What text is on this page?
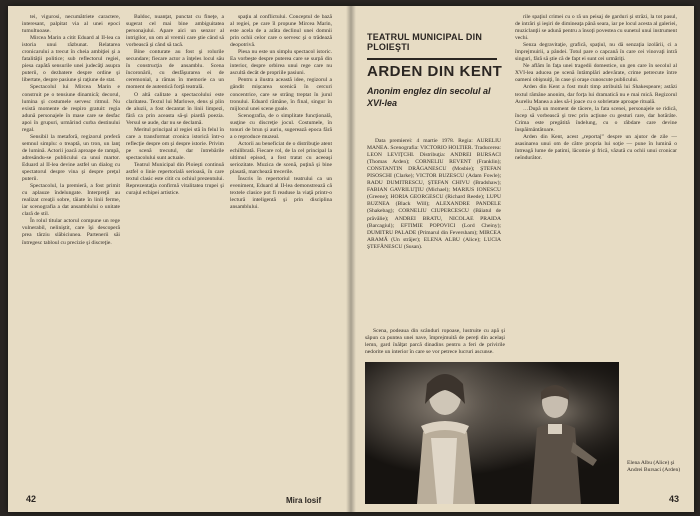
tei, vigurosi, necumătriete caractere, interesant, palpitat via al unei epoci tumultuoase.

Mircea Marin a citit Eduard al II-lea ca istoria unui răzbunat. Relatarea cronicarului a trecut în cheia ambiţiei şi a fatalităţii politice; sub reflectorul regiei, piesa capătă sensurile unei judecăţi asupra puterii, o dezbatere despre ordine şi libertate, despre pasiune şi raţiune de stat.

Spectacolul lui Mircea Marin e construit pe o tensiune dinamică; decorul, lumina şi costumele servesc ritmul. Nu există momente de respiro gratuit: regia adună personajele în mase care se desfac apoi în grupuri, urmărind curba destinului regal.

Sensibil la metaforă, regizorul preferă semnul simplu: o treaptă, un tron, un lanţ de lumină. Actorii joacă aproape de rampă, adresându-se publicului ca unui martor. Eduard al II-lea devine astfel un dialog cu spectatorul despre vina şi despre preţul puterii.

Spectacolul, la premieră, a fost primit cu aplauze îndelungate. Interpreţii au realizat creaţii sobre, tăiate în linii ferme, iar scenografia a dat ansamblului o unitate clară de stil.

În rolul titular actorul compune un rege vulnerabil, neliniştit, care îşi descoperă prea târziu slăbiciunea. Partenerii săi întregesc tabloul cu precizie şi discreţie.

Baldoc, nuanţat, punctat cu fineţe, a sugerat cel mai bine ambiguitatea personajului. Apare aici un senzor al intrigilor, un om al vremii care ştie când să vorbească şi când să tacă.

Bine conturate au fost şi rolurile secundare; fiecare actor a înţeles locul său în construcţia de ansamblu. Scena încoronării, cu desfăşurarea ei de ceremonial, a rămas în memorie ca un moment de autentică forţă teatrală.

O altă calitate a spectacolului este claritatea. Textul lui Marlowe, dens şi plin de aluzii, a fost decantat în linii limpezi, fără ca prin aceasta să-şi piardă poezia. Versul se aude, dar nu se declamă.

Meritul principal al regiei stă în felul în care a transformat cronica istorică într-o reflecţie despre om şi despre istorie. Privim pe scenă trecutul, dar întrebările spectacolului sunt actuale.

Teatrul Municipal din Ploieşti continuă astfel o linie repertorială serioasă, în care textul clasic este citit cu ochiul prezentului. Reprezentaţia confirmă vitalitatea trupei şi curajul echipei artistice.

spaţiu al conflictului. Conceptul de bază al regiei, pe care îl propune Mircea Marin, este acela de a arăta declinul unei domnii prin ochii celor care o servesc şi o trădează deopotrivă.

Piesa nu este un simplu spectacol istoric. Ea vorbeşte despre puterea care se surpă din interior, despre orbirea unui rege care nu ascultă decât de propriile pasiuni.

Pentru a ilustra această idee, regizorul a gândit mişcarea scenică în cercuri concentrice, care se strâng treptat în jurul tronului. Eduard rămâne, în final, singur în mijlocul unei scene goale.

Scenografia, de o simplitate funcţională, susţine cu discreţie jocul. Costumele, în tonuri de brun şi auriu, sugerează epoca fără a o reproduce muzeal.

Actorii au beneficiat de o distribuţie atent echilibrată. Fiecare rol, de la cel principal la ultimul episod, a fost tratat cu aceeaşi seriozitate. Muzica de scenă, puţină şi bine plasată, marchează trecerile.

Înscris în repertoriul teatrului ca un eveniment, Eduard al II-lea demonstrează că textele clasice pot fi readuse la viaţă printr-o lectură inteligentă şi prin disciplina ansamblului.

Mira Iosif
42
TEATRUL MUNICIPAL DIN PLOIEŞTI
ARDEN DIN KENT
Anonim englez din secolul al XVI-lea

Data premierei: 4 martie 1978. Regia: AURELIU MANEA. Scenografia: VICTORIO HOLTIER. Traducerea: LEON LEVIŢCHI. Distribuţia: ANDREI BURSACI (Thomas Arden); CORNELIU REVENT (Franklin); CONSTANTIN DRĂGANESCU (Mosbie); ŞTEFAN PISOSCHI (Clarke); VICTOR BUZESCU (Adam Fowle); RADU DUMITRESCU, ŞTEFAN CHIVU (Bradshaw); FABIAN GAVRILUŢIU (Michael); MARIUS IONESCU (Greene); HORIA GEORGESCU (Richard Reede); LUPU BUZNEA (Black Will); ALEXANDRE PANDELE (Shakebag); CORNELIU CIUPERCESCU (Băiatul de prăvălie); ANDREI BRATU, NICOLAE PRAIDA (Barcagiul); EFTIMIE POPOVICI (Lord Cheiny); DUMITRU PALADE (Primarul din Feversham); MIRCEA ARAMĂ (Un străjer); ELENA ALBU (Alice); LUCIA ŞTEFĂNESCU (Susan).

Scena, podeaua din scânduri ropoase, lustruite cu apă şi săpun ca puntea unei nave, împrejmuită de pereţi din acelaşi lemn, gard înălţat parcă dinadins pentru a feri de privirile nedorite un interior în care se vor petrece lucruri ascunse.

rile spaţiul crimei cu o ră un peisaj de garduri şi străzi, la tot pasul, de intrări şi ieşiri de dimineaţa până seara, iar pe locul acesta al galeriei, muziclanţii se adună pentru a însoţi povestea cu sunetul unui instrument vechi.

Senza degravitaţie, grafică, spaţiul, nu dă senzaţia izolării, ci a împrejmuirii, a pândei. Totul pare o capcană în care cei vinovaţi intră singuri, fără să ştie că de fapt ei sunt cei urmăriţi.

Ne aflăm în faţa unei tragedii domestice, un gen care în secolul al XVI-lea aducea pe scenă întâmplări adevărate, crime petrecute între oameni obişnuiţi, în case şi oraşe cunoscute publicului.

Arden din Kent a fost mult timp atribuită lui Shakespeare; astăzi textul rămâne anonim, dar forţa lui dramatică nu e mai mică. Regizorul Aureliu Manea a ales să-l joace cu o sobrietate aproape rituală.

…După un moment de tăcere, la fata scenei, personajele se ridică, încep să vorbească şi trec prin acţiune cu gesturi rare, dar hotărâte. Crima este pregătită îndelung, cu o răbdare care devine înspăimântătoare.

Arden din Kent, acest „reportaj” despre un ajutor de zile — asasinarea unui om de către propria lui soţie — pune în lumină o întreagă lume de patimi, lăcomie şi frică, văzută cu ochii unui cronicar neîndurător.

Elena Albu (Alice) şi Andrei Bursaci (Arden)
43
